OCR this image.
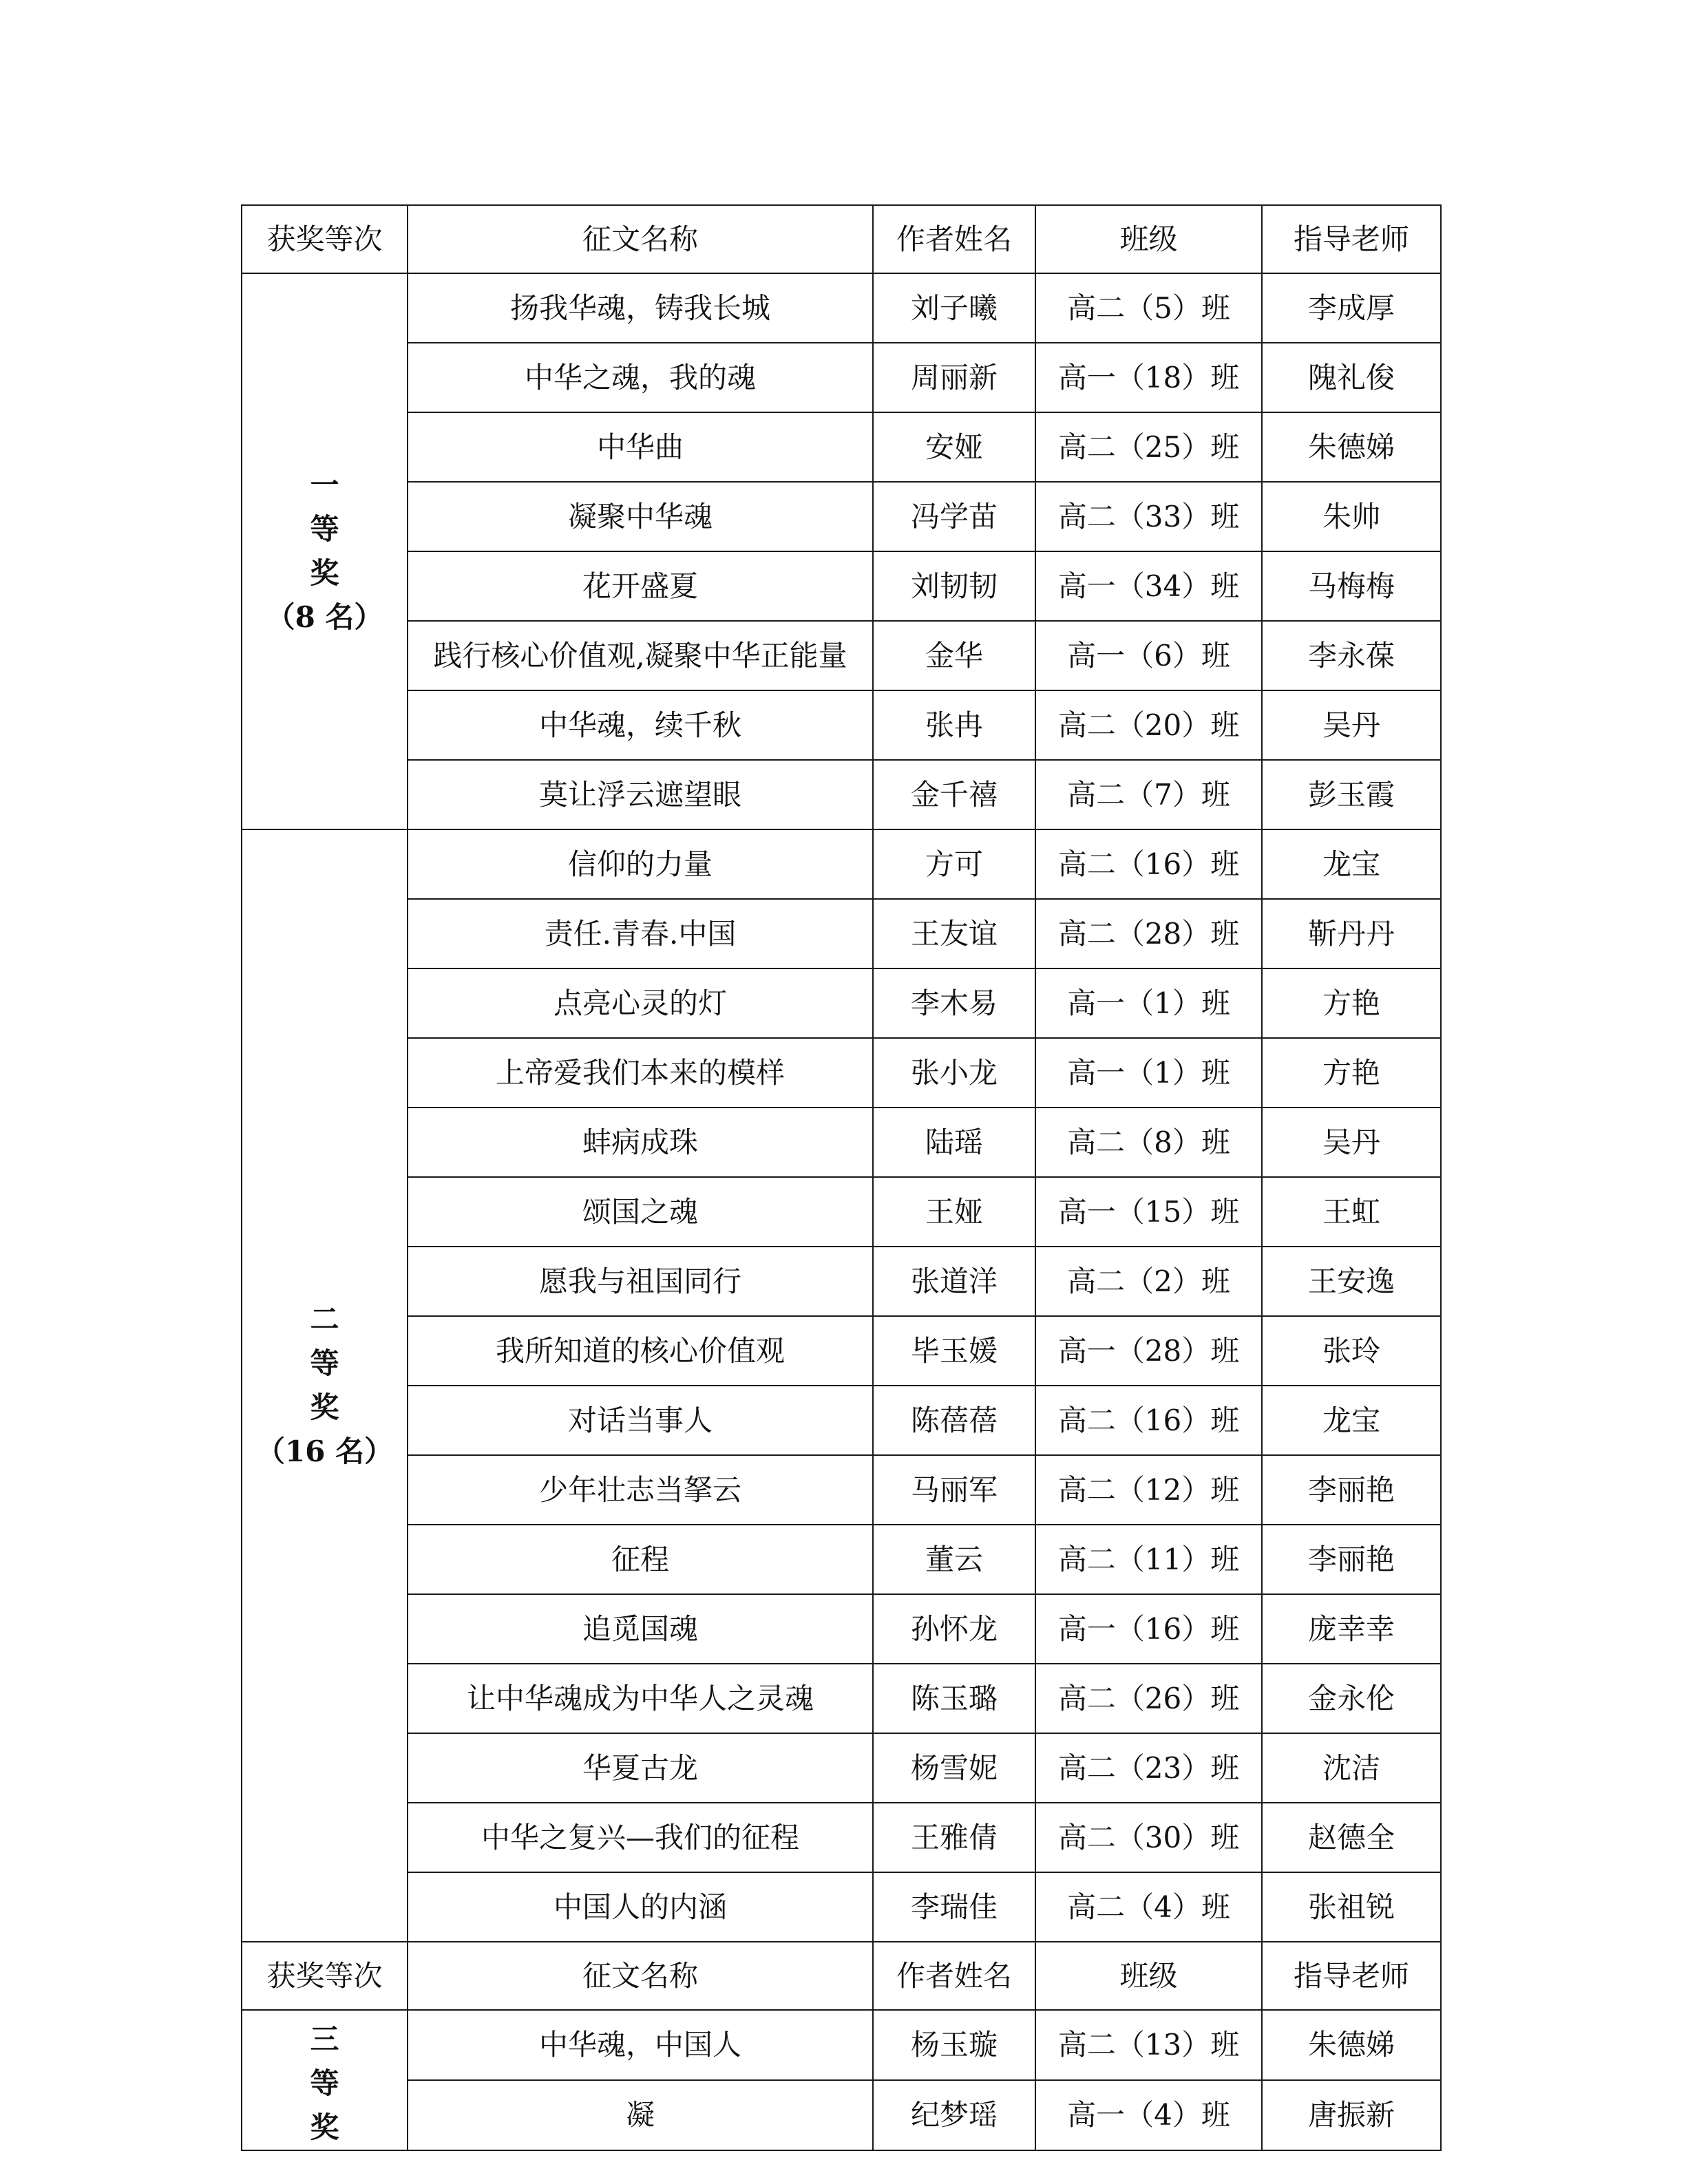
获奖等次	征文名称	作者姓名	班级	指导老师

一
等
奖
（8 名）	扬我华魂，铸我长城	刘子曦	高二（5）班	李成厚
	中华之魂，我的魂	周丽新	高一（18）班	隗礼俊
	中华曲	安娅	高二（25）班	朱德娣
	凝聚中华魂	冯学苗	高二（33）班	朱帅
	花开盛夏	刘韧韧	高一（34）班	马梅梅
	践行核心价值观,凝聚中华正能量	金华	高一（6）班	李永葆
	中华魂，续千秋	张冉	高二（20）班	吴丹
	莫让浮云遮望眼	金千禧	高二（7）班	彭玉霞

二
等
奖
（16 名）	信仰的力量	方可	高二（16）班	龙宝
	责任.青春.中国	王友谊	高二（28）班	靳丹丹
	点亮心灵的灯	李木易	高一（1）班	方艳
	上帝爱我们本来的模样	张小龙	高一（1）班	方艳
	蚌病成珠	陆瑶	高二（8）班	吴丹
	颂国之魂	王娅	高一（15）班	王虹
	愿我与祖国同行	张道洋	高二（2）班	王安逸
	我所知道的核心价值观	毕玉媛	高一（28）班	张玲
	对话当事人	陈蓓蓓	高二（16）班	龙宝
	少年壮志当拏云	马丽军	高二（12）班	李丽艳
	征程	董云	高二（11）班	李丽艳
	追觅国魂	孙怀龙	高一（16）班	庞幸幸
	让中华魂成为中华人之灵魂	陈玉璐	高二（26）班	金永伦
	华夏古龙	杨雪妮	高二（23）班	沈洁
	中华之复兴—我们的征程	王雅倩	高二（30）班	赵德全
	中国人的内涵	李瑞佳	高二（4）班	张祖锐
获奖等次	征文名称	作者姓名	班级	指导老师

三
等
奖	中华魂，中国人	杨玉璇	高二（13）班	朱德娣
	凝	纪梦瑶	高一（4）班	唐振新
